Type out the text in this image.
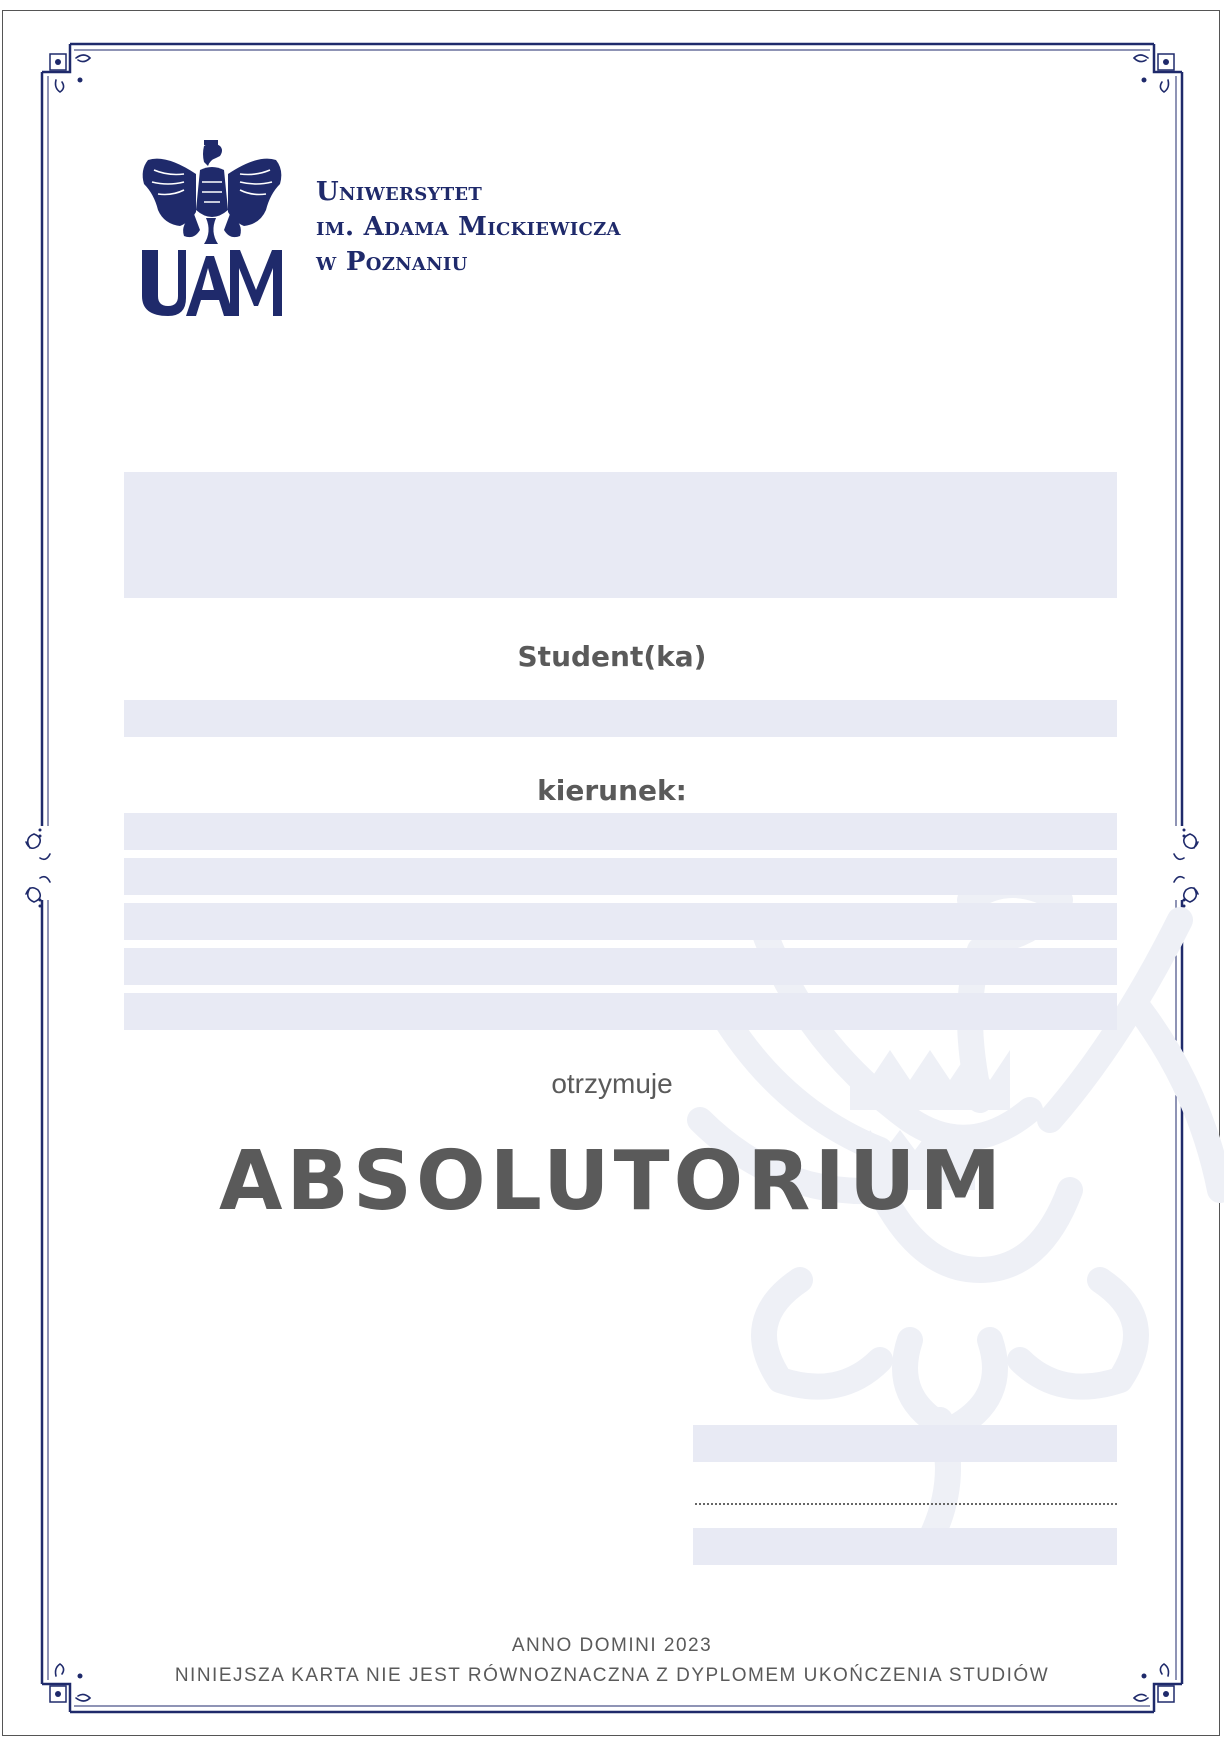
Uniwersytet
im. Adama Mickiewicza
w Poznaniu
Student(ka)
kierunek:
otrzymuje
ABSOLUTORIUM
ANNO DOMINI 2023
NINIEJSZA KARTA NIE JEST RÓWNOZNACZNA Z DYPLOMEM UKOŃCZENIA STUDIÓW
